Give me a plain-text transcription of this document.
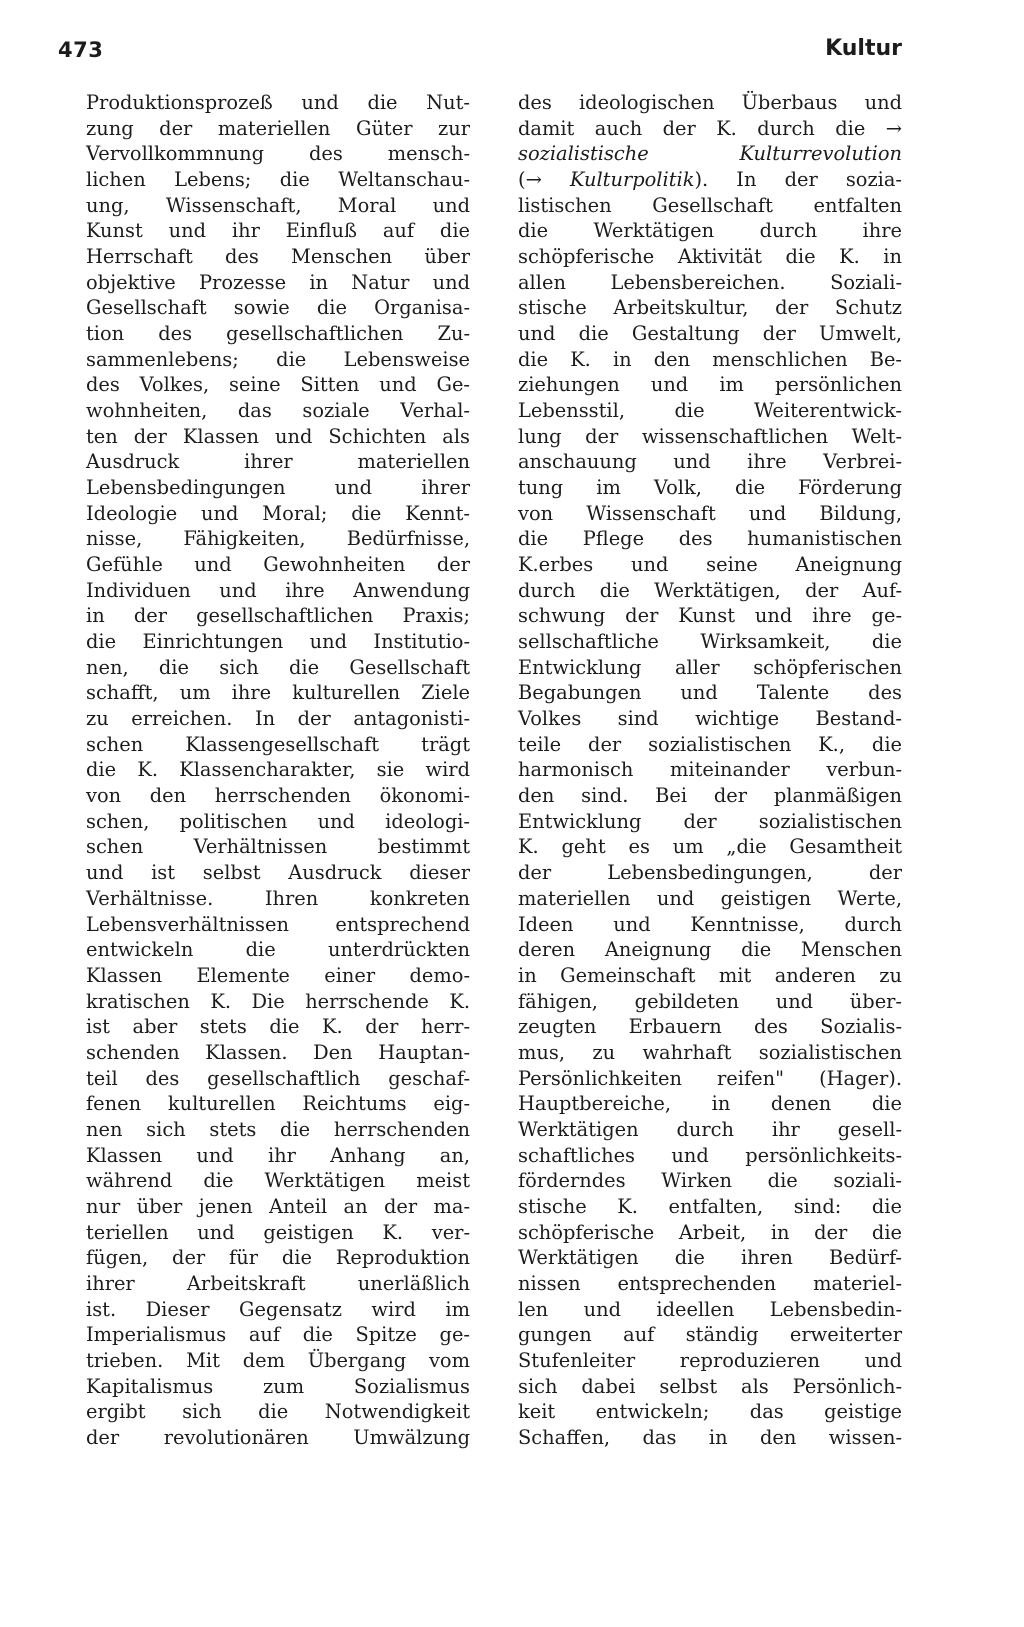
473	Kultur
Produktionsprozeß und die Nut-
zung der materiellen Güter zur
Vervollkommnung des mensch-
lichen Lebens; die Weltanschau-
ung, Wissenschaft, Moral und
Kunst und ihr Einfluß auf die
Herrschaft des Menschen über
objektive Prozesse in Natur und
Gesellschaft sowie die Organisa-
tion des gesellschaftlichen Zu-
sammenlebens; die Lebensweise
des Volkes, seine Sitten und Ge-
wohnheiten, das soziale Verhal-
ten der Klassen und Schichten als
Ausdruck ihrer materiellen
Lebensbedingungen und ihrer
Ideologie und Moral; die Kennt-
nisse, Fähigkeiten, Bedürfnisse,
Gefühle und Gewohnheiten der
Individuen und ihre Anwendung
in der gesellschaftlichen Praxis;
die Einrichtungen und Institutio-
nen, die sich die Gesellschaft
schafft, um ihre kulturellen Ziele
zu erreichen. In der antagonisti-
schen Klassengesellschaft trägt
die K. Klassencharakter, sie wird
von den herrschenden ökonomi-
schen, politischen und ideologi-
schen Verhältnissen bestimmt
und ist selbst Ausdruck dieser
Verhältnisse. Ihren konkreten
Lebensverhältnissen entsprechend
entwickeln die unterdrückten
Klassen Elemente einer demo-
kratischen K. Die herrschende K.
ist aber stets die K. der herr-
schenden Klassen. Den Hauptan-
teil des gesellschaftlich geschaf-
fenen kulturellen Reichtums eig-
nen sich stets die herrschenden
Klassen und ihr Anhang an,
während die Werktätigen meist
nur über jenen Anteil an der ma-
teriellen und geistigen K. ver-
fügen, der für die Reproduktion
ihrer Arbeitskraft unerläßlich
ist. Dieser Gegensatz wird im
Imperialismus auf die Spitze ge-
trieben. Mit dem Übergang vom
Kapitalismus zum Sozialismus
ergibt sich die Notwendigkeit
der revolutionären Umwälzung
des ideologischen Überbaus und
damit auch der K. durch die →
sozialistische Kulturrevolution
(→ Kulturpolitik). In der sozia-
listischen Gesellschaft entfalten
die Werktätigen durch ihre
schöpferische Aktivität die K. in
allen Lebensbereichen. Soziali-
stische Arbeitskultur, der Schutz
und die Gestaltung der Umwelt,
die K. in den menschlichen Be-
ziehungen und im persönlichen
Lebensstil, die Weiterentwick-
lung der wissenschaftlichen Welt-
anschauung und ihre Verbrei-
tung im Volk, die Förderung
von Wissenschaft und Bildung,
die Pflege des humanistischen
K.erbes und seine Aneignung
durch die Werktätigen, der Auf-
schwung der Kunst und ihre ge-
sellschaftliche Wirksamkeit, die
Entwicklung aller schöpferischen
Begabungen und Talente des
Volkes sind wichtige Bestand-
teile der sozialistischen K., die
harmonisch miteinander verbun-
den sind. Bei der planmäßigen
Entwicklung der sozialistischen
K. geht es um „die Gesamtheit
der Lebensbedingungen, der
materiellen und geistigen Werte,
Ideen und Kenntnisse, durch
deren Aneignung die Menschen
in Gemeinschaft mit anderen zu
fähigen, gebildeten und über-
zeugten Erbauern des Sozialis-
mus, zu wahrhaft sozialistischen
Persönlichkeiten reifen" (Hager).
Hauptbereiche, in denen die
Werktätigen durch ihr gesell-
schaftliches und persönlichkeits-
förderndes Wirken die soziali-
stische K. entfalten, sind: die
schöpferische Arbeit, in der die
Werktätigen die ihren Bedürf-
nissen entsprechenden materiel-
len und ideellen Lebensbedin-
gungen auf ständig erweiterter
Stufenleiter reproduzieren und
sich dabei selbst als Persönlich-
keit entwickeln; das geistige
Schaffen, das in den wissen-
